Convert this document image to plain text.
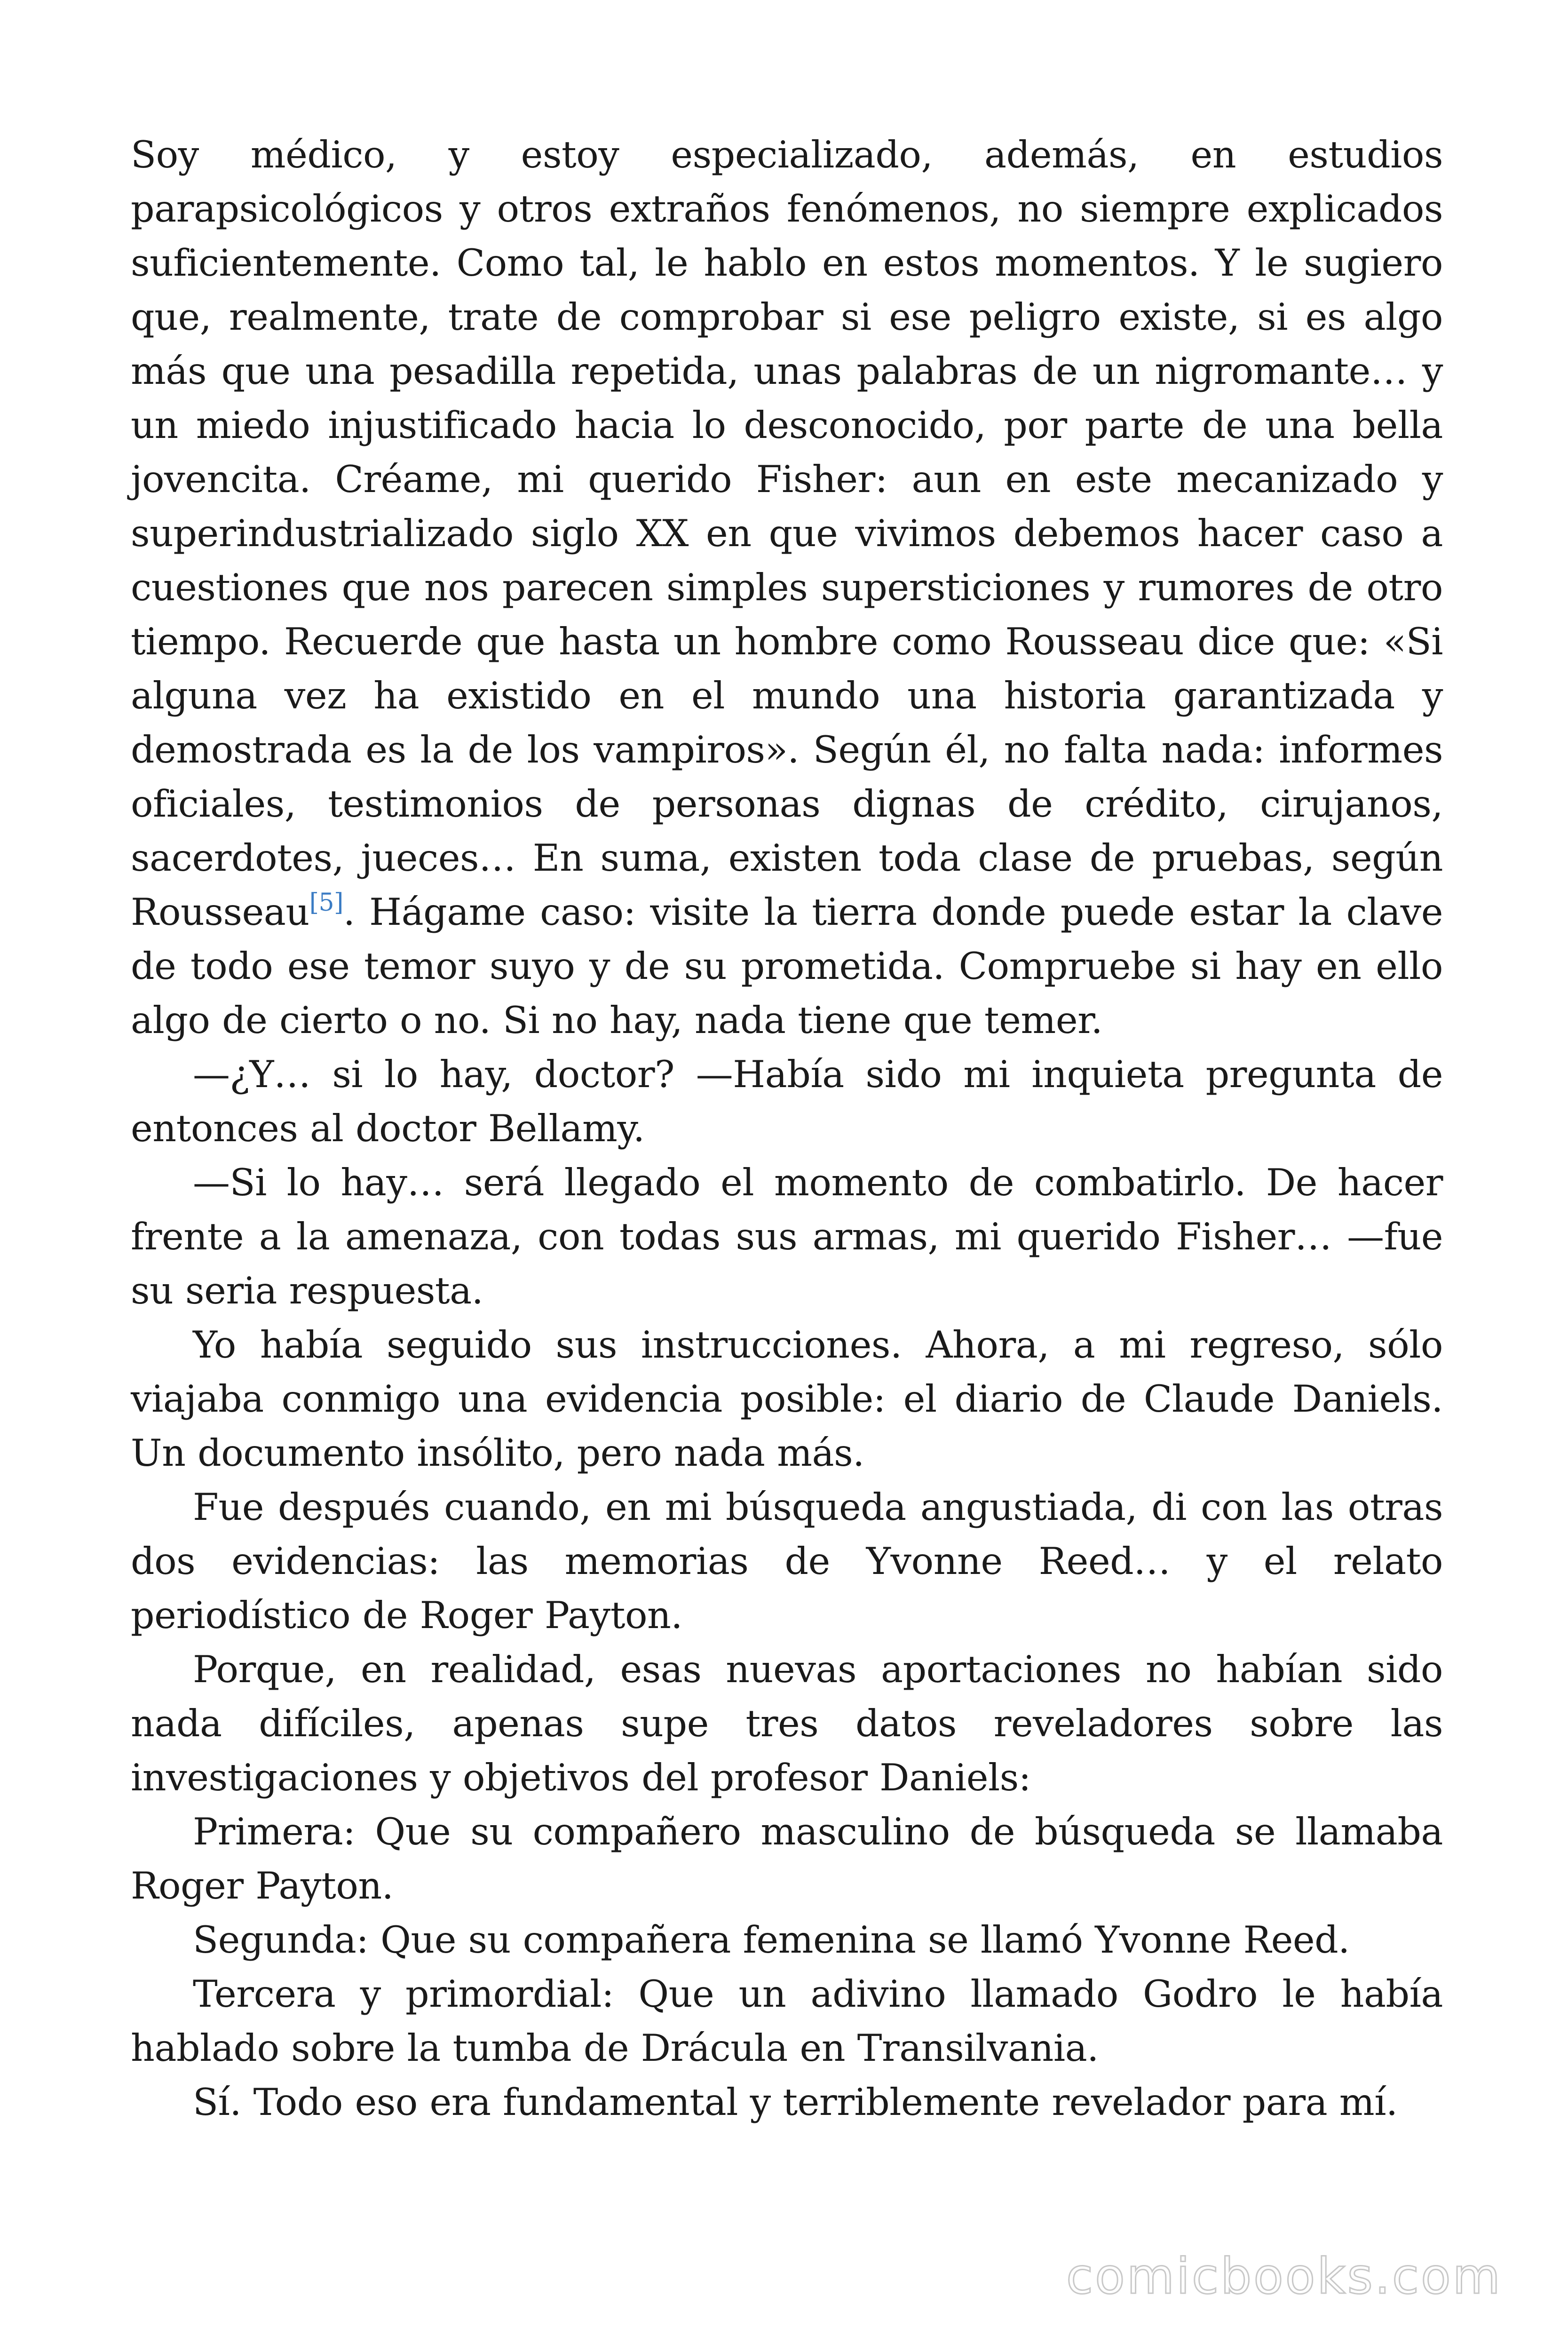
Soy médico, y estoy especializado, además, en estudios parapsicológicos y otros extraños fenómenos, no siempre explicados suficientemente. Como tal, le hablo en estos momentos. Y le sugiero que, realmente, trate de comprobar si ese peligro existe, si es algo más que una pesadilla repetida, unas palabras de un nigromante… y un miedo injustificado hacia lo desconocido, por parte de una bella jovencita. Créame, mi querido Fisher: aun en este mecanizado y superindustrializado siglo XX en que vivimos debemos hacer caso a cuestiones que nos parecen simples supersticiones y rumores de otro tiempo. Recuerde que hasta un hombre como Rousseau dice que: «Si alguna vez ha existido en el mundo una historia garantizada y demostrada es la de los vampiros». Según él, no falta nada: informes oficiales, testimonios de personas dignas de crédito, cirujanos, sacerdotes, jueces… En suma, existen toda clase de pruebas, según Rousseau[5]. Hágame caso: visite la tierra donde puede estar la clave de todo ese temor suyo y de su prometida. Compruebe si hay en ello algo de cierto o no. Si no hay, nada tiene que temer.

—¿Y… si lo hay, doctor? —Había sido mi inquieta pregunta de entonces al doctor Bellamy.

—Si lo hay… será llegado el momento de combatirlo. De hacer frente a la amenaza, con todas sus armas, mi querido Fisher… —fue su seria respuesta.

Yo había seguido sus instrucciones. Ahora, a mi regreso, sólo viajaba conmigo una evidencia posible: el diario de Claude Daniels. Un documento insólito, pero nada más.

Fue después cuando, en mi búsqueda angustiada, di con las otras dos evidencias: las memorias de Yvonne Reed… y el relato periodístico de Roger Payton.

Porque, en realidad, esas nuevas aportaciones no habían sido nada difíciles, apenas supe tres datos reveladores sobre las investigaciones y objetivos del profesor Daniels:

Primera: Que su compañero masculino de búsqueda se llamaba Roger Payton.

Segunda: Que su compañera femenina se llamó Yvonne Reed.

Tercera y primordial: Que un adivino llamado Godro le había hablado sobre la tumba de Drácula en Transilvania.

Sí. Todo eso era fundamental y terriblemente revelador para mí.

comicbooks.com
